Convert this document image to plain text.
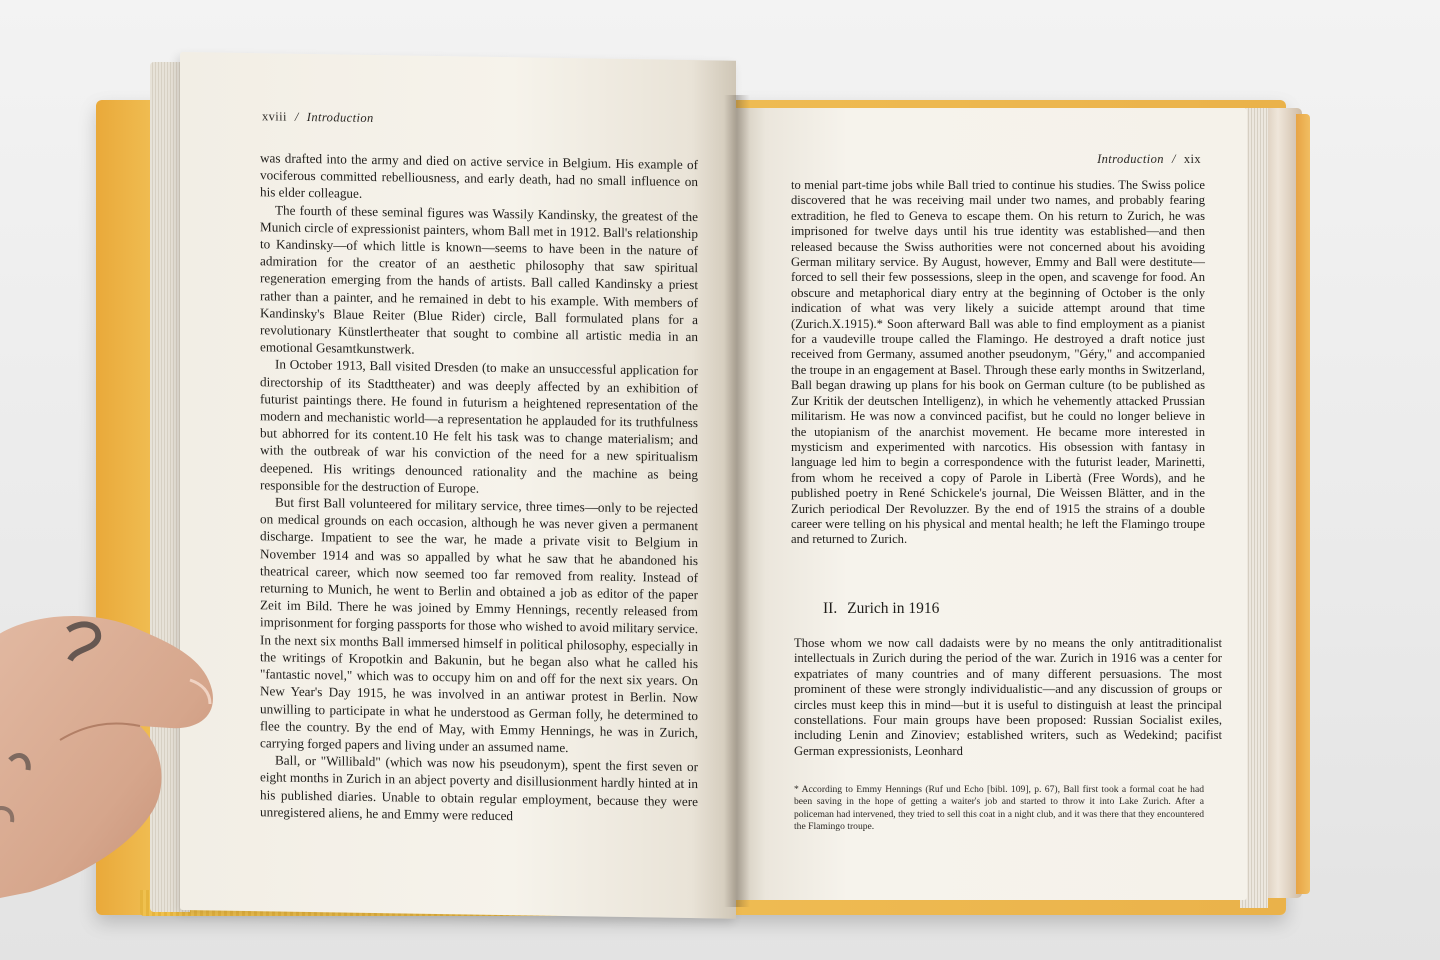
xviii / Introduction

was drafted into the army and died on active service in Belgium. His example of vociferous committed rebelliousness, and early death, had no small influence on his elder colleague.

The fourth of these seminal figures was Wassily Kandinsky, the greatest of the Munich circle of expressionist painters, whom Ball met in 1912. Ball's relationship to Kandinsky—of which little is known—seems to have been in the nature of admiration for the creator of an aesthetic philosophy that saw spiritual regeneration emerging from the hands of artists. Ball called Kandinsky a priest rather than a painter, and he remained in debt to his example. With members of Kandinsky's Blaue Reiter (Blue Rider) circle, Ball formulated plans for a revolutionary Künstlertheater that sought to combine all artistic media in an emotional Gesamtkunstwerk.

In October 1913, Ball visited Dresden (to make an unsuccessful application for directorship of its Stadttheater) and was deeply affected by an exhibition of futurist paintings there. He found in futurism a heightened representation of the modern and mechanistic world—a representation he applauded for its truthfulness but abhorred for its content.10 He felt his task was to change materialism; and with the outbreak of war his conviction of the need for a new spiritualism deepened. His writings denounced rationality and the machine as being responsible for the destruction of Europe.

But first Ball volunteered for military service, three times—only to be rejected on medical grounds on each occasion, although he was never given a permanent discharge. Impatient to see the war, he made a private visit to Belgium in November 1914 and was so appalled by what he saw that he abandoned his theatrical career, which now seemed too far removed from reality. Instead of returning to Munich, he went to Berlin and obtained a job as editor of the paper Zeit im Bild. There he was joined by Emmy Hennings, recently released from imprisonment for forging passports for those who wished to avoid military service. In the next six months Ball immersed himself in political philosophy, especially in the writings of Kropotkin and Bakunin, but he began also what he called his "fantastic novel," which was to occupy him on and off for the next six years. On New Year's Day 1915, he was involved in an antiwar protest in Berlin. Now unwilling to participate in what he understood as German folly, he determined to flee the country. By the end of May, with Emmy Hennings, he was in Zurich, carrying forged papers and living under an assumed name.

Ball, or "Willibald" (which was now his pseudonym), spent the first seven or eight months in Zurich in an abject poverty and disillusionment hardly hinted at in his published diaries. Unable to obtain regular employment, because they were unregistered aliens, he and Emmy were reduced

Introduction / xix

to menial part-time jobs while Ball tried to continue his studies. The Swiss police discovered that he was receiving mail under two names, and probably fearing extradition, he fled to Geneva to escape them. On his return to Zurich, he was imprisoned for twelve days until his true identity was established—and then released because the Swiss authorities were not concerned about his avoiding German military service. By August, however, Emmy and Ball were destitute—forced to sell their few possessions, sleep in the open, and scavenge for food. An obscure and metaphorical diary entry at the beginning of October is the only indication of what was very likely a suicide attempt around that time (Zurich.X.1915).* Soon afterward Ball was able to find employment as a pianist for a vaudeville troupe called the Flamingo. He destroyed a draft notice just received from Germany, assumed another pseudonym, "Géry," and accompanied the troupe in an engagement at Basel. Through these early months in Switzerland, Ball began drawing up plans for his book on German culture (to be published as Zur Kritik der deutschen Intelligenz), in which he vehemently attacked Prussian militarism. He was now a convinced pacifist, but he could no longer believe in the utopianism of the anarchist movement. He became more interested in mysticism and experimented with narcotics. His obsession with fantasy in language led him to begin a correspondence with the futurist leader, Marinetti, from whom he received a copy of Parole in Libertà (Free Words), and he published poetry in René Schickele's journal, Die Weissen Blätter, and in the Zurich periodical Der Revoluzzer. By the end of 1915 the strains of a double career were telling on his physical and mental health; he left the Flamingo troupe and returned to Zurich.

II. Zurich in 1916

Those whom we now call dadaists were by no means the only antitraditionalist intellectuals in Zurich during the period of the war. Zurich in 1916 was a center for expatriates of many countries and of many different persuasions. The most prominent of these were strongly individualistic—and any discussion of groups or circles must keep this in mind—but it is useful to distinguish at least the principal constellations. Four main groups have been proposed: Russian Socialist exiles, including Lenin and Zinoviev; established writers, such as Wedekind; pacifist German expressionists, Leonhard

* According to Emmy Hennings (Ruf und Echo [bibl. 109], p. 67), Ball first took a formal coat he had been saving in the hope of getting a waiter's job and started to throw it into Lake Zurich. After a policeman had intervened, they tried to sell this coat in a night club, and it was there that they encountered the Flamingo troupe.
